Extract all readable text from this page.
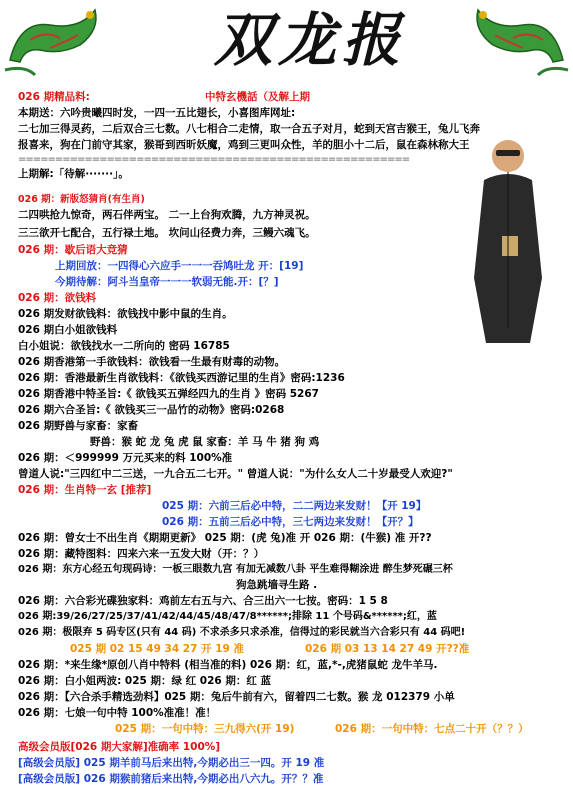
双龙报
026 期精品料:	中特玄機話（及解上期
本期送：六吟贵曦四时发，一四一五比翅长，小喜图库网址:
二七加三得灵药，二后双合三七数。八七相合二走情，取一合五子对月，蛇到天宫吉猴王，兔儿飞奔
报喜来，狗在门前守其家，猴哥到西昕妖魔，鸡到三更叫众性，羊的胆小十二后，鼠在森林称大王
=====================================================
上期解:「待解·······」。
026 期：新版怒猜肖(有生肖)
二四哄抢九惊奇，两石伴两宝。 二一上台狗欢腾，九方神灵祝。
三三欲开七配合，五行禄土地。 坎问山径费力奔，三鳗六魂飞。
026 期：歇后语大竞猜
上期回放：一四得心六应手一一一吞鸠吐龙 开：[19]
今期待解：阿斗当皇帝一一一软弱无能.开：[？]
026 期：欲钱料
026 期发财欲钱料：欲钱找中影中鼠的生肖。
026 期白小姐欲钱料
白小姐说：欲钱找水一二所向的 密码 16785
026 期香港第一手欲钱料：欲钱看一生最有财毒的动物。
026 期：香港最新生肖欲钱料：《欲钱买西游记里的生肖》密码:1236
026 期香港中特圣旨:《 欲钱买五弹经四九的生肖 》密码 5267
026 期六合圣旨:《 欲钱买三一品竹的动物》密码:0268
026 期野兽与家畜：家畜
野兽：猴 蛇 龙 兔 虎 鼠 家畜：羊 马 牛 猪 狗 鸡
026 期：＜999999 万元买来的料 100%准
曾道人说:"三四红中二三送，一九合五二七开。" 曾道人说："为什么女人二十岁最受人欢迎?"
026 期：生肖特一玄 [推荐]
025 期：六前三后必中特，二二两边来发财！【开 19】
026 期：五前三后必中特，三七两边来发财！【开？】
026 期：曾女士不出生肖《期期更新》 025 期：(虎 兔)准 开 026 期：(牛猴) 准 开??
026 期：藏特图料：四来六来一五发大财（开：？）
026 期：东方心经五句现码诗：一板三眼数九宫 有加无减数八卦 平生难得糊涂进 醉生梦死碾三杯
狗急跳墙寻生路 .
026 期：六合彩光碟独家料：鸡前左右五与六、合三出六一七按。密码：1 5 8
026 期:39/26/27/25/37/41/42/44/45/48/47/8******;排除 11 个号码&******;红，蓝
026 期：极限弃 5 码专区(只有 44 码) 不求杀多只求杀准，信得过的彩民就当六合彩只有 44 码吧!
025 期 02 15 49 34 27 开 19 准	026 期 03 13 14 27 49 开??准
026 期：*来生缘*原创八肖中特料 (相当准的料) 026 期：红，蓝,*-,虎猪鼠蛇 龙牛羊马.
026 期：白小姐两波: 025 期：绿 红 026 期：红 蓝
026 期：【六合杀手精选劲料】025 期：兔后牛前有六，留着四二七数。猴 龙 012379 小单
026 期：七娘一句中特 100%准准！准！
025 期：一句中特：三九得六(开 19)	026 期：一句中特：七点二十开（？？）
高级会员版[026 期大家解]准确率 100%]
[高级会员版] 025 期羊前马后来出特,今期必出三一四。开 19 准
[高级会员版] 026 期猴前猪后来出特,今期必出八六九。开？？准
